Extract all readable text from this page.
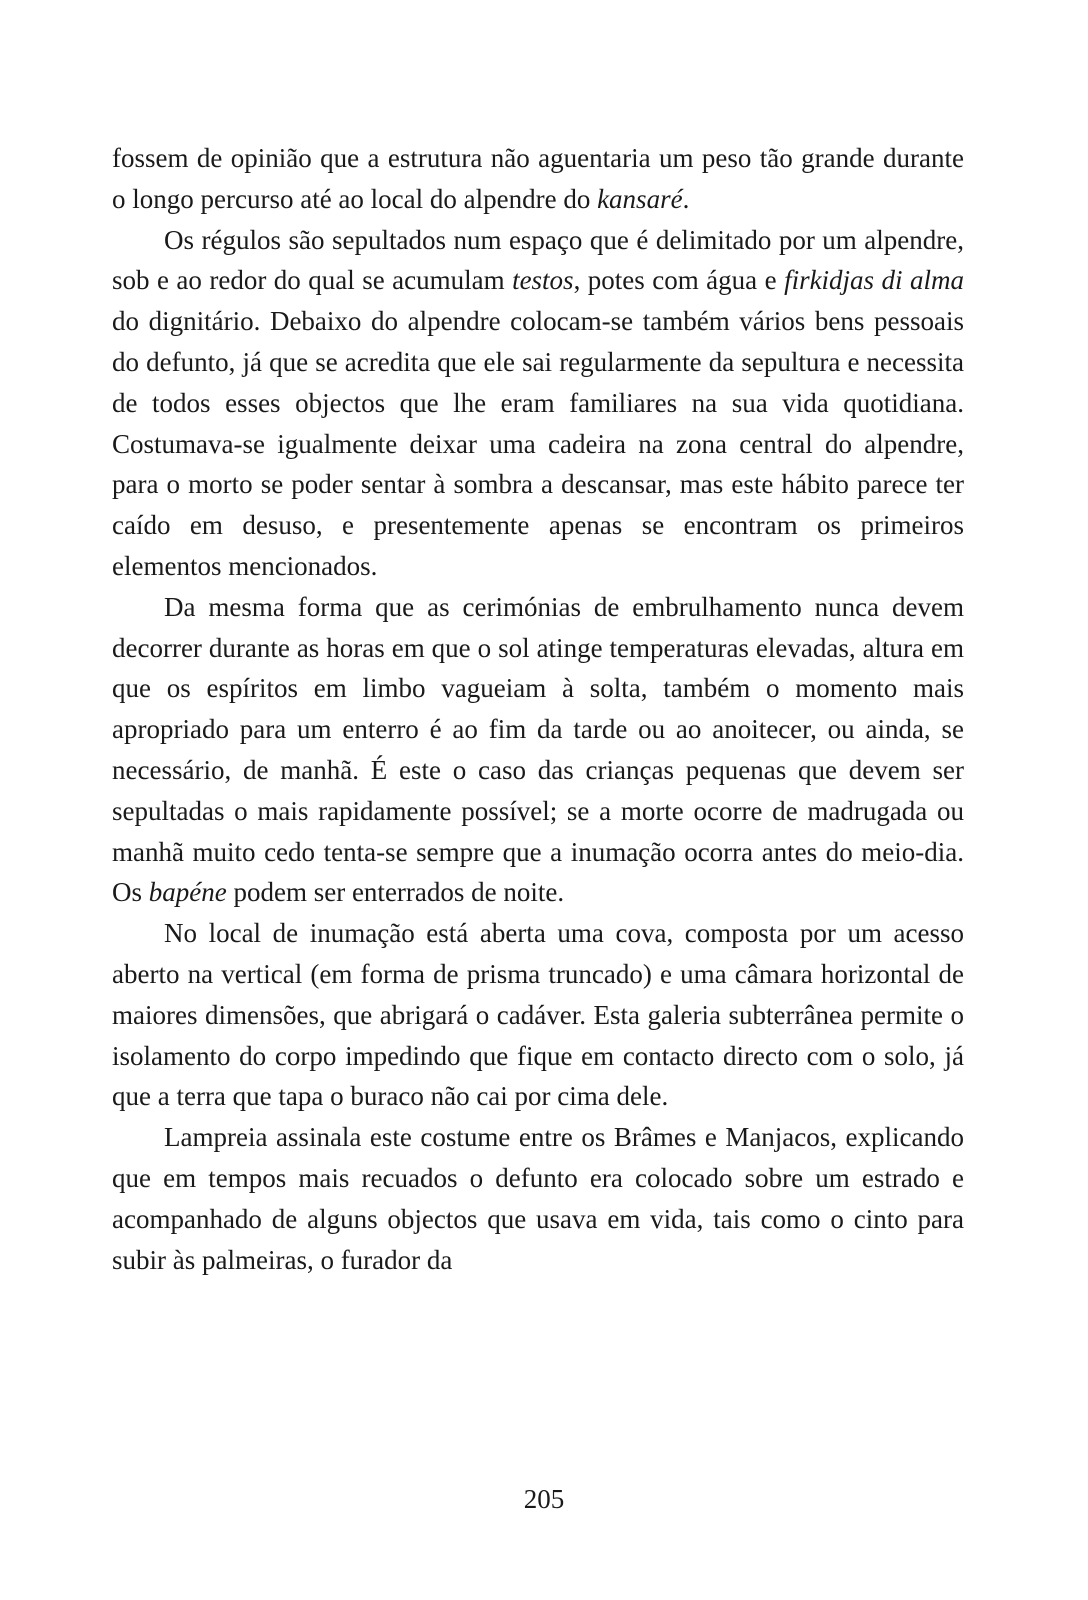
fossem de opinião que a estrutura não aguentaria um peso tão grande durante o longo percurso até ao local do alpendre do kansaré.

Os régulos são sepultados num espaço que é delimitado por um alpendre, sob e ao redor do qual se acumulam testos, potes com água e firkidjas di alma do dignitário. Debaixo do alpendre colocam-se também vários bens pessoais do defunto, já que se acredita que ele sai regularmente da sepultura e necessita de todos esses objectos que lhe eram familiares na sua vida quotidiana. Costumava-se igualmente deixar uma cadeira na zona central do alpendre, para o morto se poder sentar à sombra a descansar, mas este hábito parece ter caído em desuso, e presentemente apenas se encontram os primeiros elementos mencionados.

Da mesma forma que as cerimónias de embrulhamento nunca devem decorrer durante as horas em que o sol atinge temperaturas elevadas, altura em que os espíritos em limbo vagueiam à solta, também o momento mais apropriado para um enterro é ao fim da tarde ou ao anoitecer, ou ainda, se necessário, de manhã. É este o caso das crianças pequenas que devem ser sepultadas o mais rapidamente possível; se a morte ocorre de madrugada ou manhã muito cedo tenta-se sempre que a inumação ocorra antes do meio-dia. Os bapéne podem ser enterrados de noite.

No local de inumação está aberta uma cova, composta por um acesso aberto na vertical (em forma de prisma truncado) e uma câmara horizontal de maiores dimensões, que abrigará o cadáver. Esta galeria subterrânea permite o isolamento do corpo impedindo que fique em contacto directo com o solo, já que a terra que tapa o buraco não cai por cima dele.

Lampreia assinala este costume entre os Brâmes e Manjacos, explicando que em tempos mais recuados o defunto era colocado sobre um estrado e acompanhado de alguns objectos que usava em vida, tais como o cinto para subir às palmeiras, o furador da

205
